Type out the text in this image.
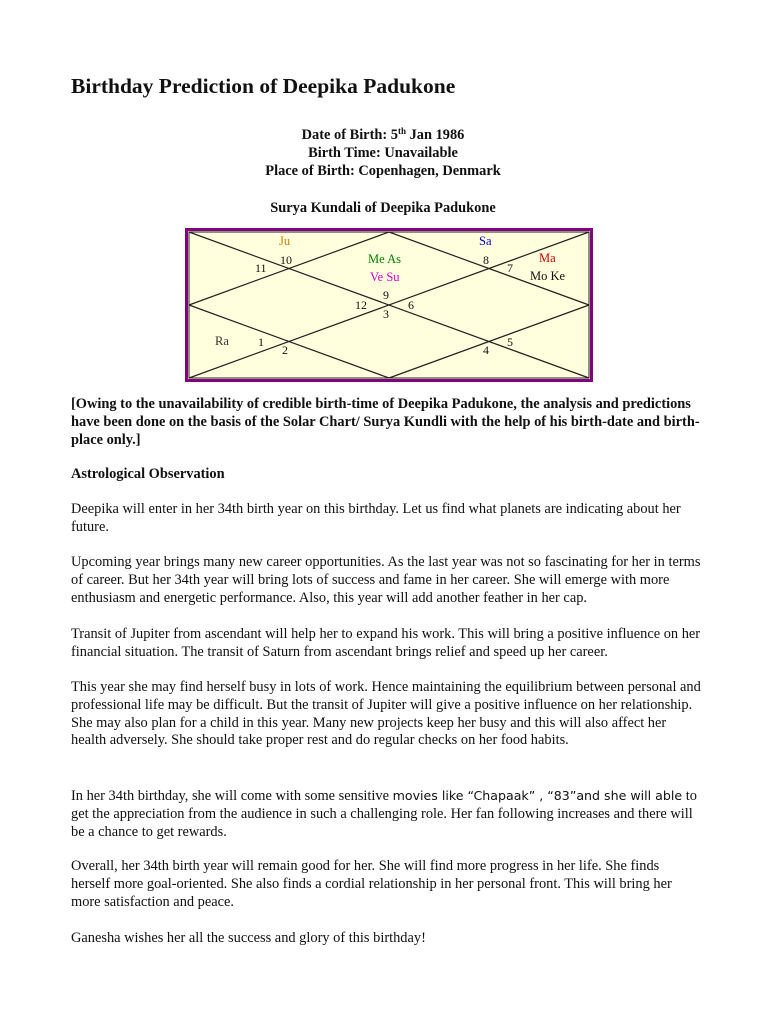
Birthday Prediction of Deepika Padukone
Date of Birth: 5th Jan 1986
Birth Time: Unavailable
Place of Birth: Copenhagen, Denmark
Surya Kundali of Deepika Padukone
10
11
8
7
9
12	6
3
1
2	4
5
Ju	Sa
Me As
Ve Su
Ma
Mo Ke
Ra
[Owing to the unavailability of credible birth-time of Deepika Padukone, the analysis and predictions have been done on the basis of the Solar Chart/ Surya Kundli with the help of his birth-date and birth-place only.]
Astrological Observation

Deepika will enter in her 34th birth year on this birthday. Let us find what planets are indicating about her future.

Upcoming year brings many new career opportunities. As the last year was not so fascinating for her in terms of career. But her 34th year will bring lots of success and fame in her career. She will emerge with more enthusiasm and energetic performance. Also, this year will add another feather in her cap.

Transit of Jupiter from ascendant will help her to expand his work. This will bring a positive influence on her financial situation. The transit of Saturn from ascendant brings relief and speed up her career.

This year she may find herself busy in lots of work. Hence maintaining the equilibrium between personal and professional life may be difficult. But the transit of Jupiter will give a positive influence on her relationship. She may also plan for a child in this year. Many new projects keep her busy and this will also affect her health adversely. She should take proper rest and do regular checks on her food habits.

In her 34th birthday, she will come with some sensitive movies like “Chapaak” , “83”and she will able to get the appreciation from the audience in such a challenging role. Her fan following increases and there will be a chance to get rewards.

Overall, her 34th birth year will remain good for her. She will find more progress in her life. She finds herself more goal-oriented. She also finds a cordial relationship in her personal front. This will bring her more satisfaction and peace.

Ganesha wishes her all the success and glory of this birthday!
